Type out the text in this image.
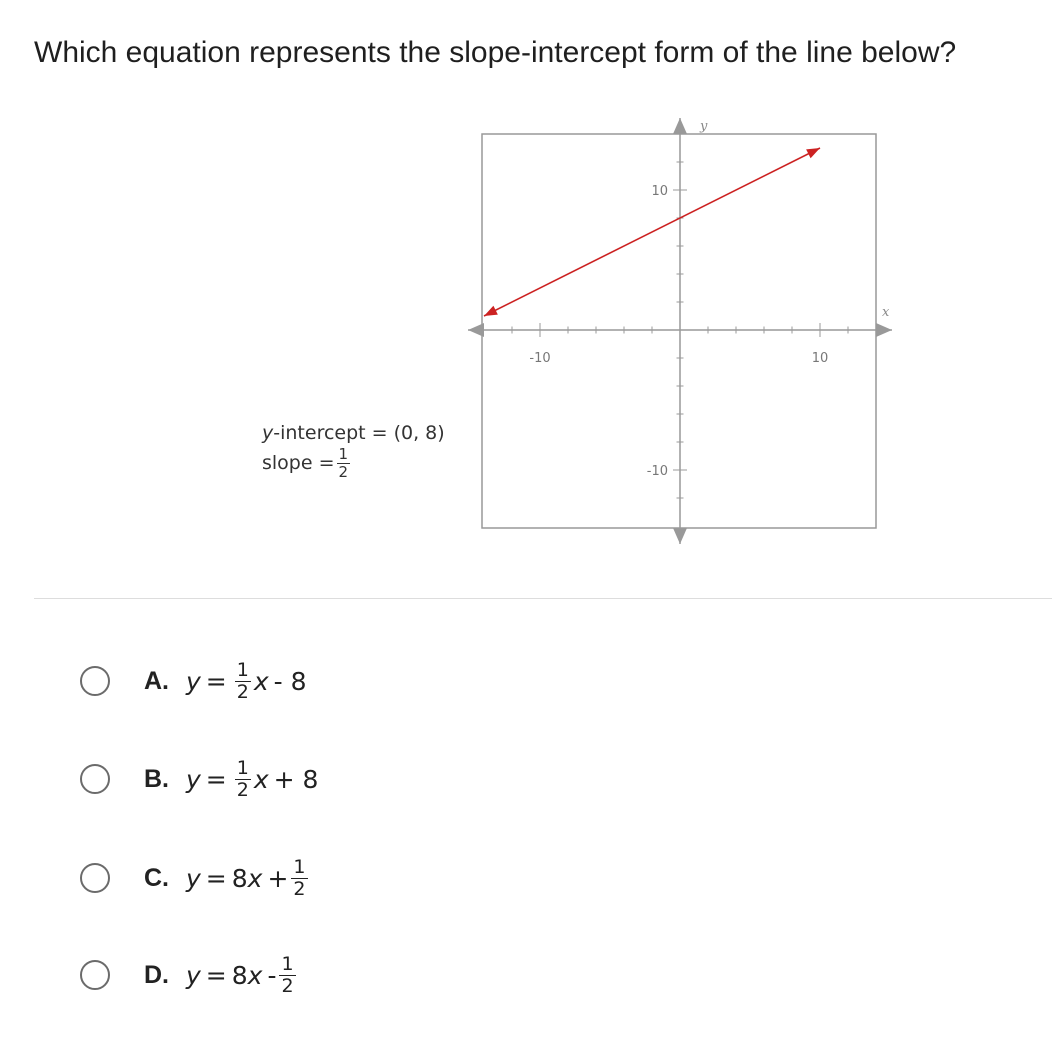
Which equation represents the slope-intercept form of the line below?
y -intercept = (0, 8)
slope = $\frac{1}{2}$
-10	10
10
-10
x
y
A. $y = \frac{1}{2}$ x - 8
B. $y = \frac{1}{2}$ x + 8
C. y = 8 $x + \frac{1}{2}$
D. y = 8 x - $\frac{1}{2}$
